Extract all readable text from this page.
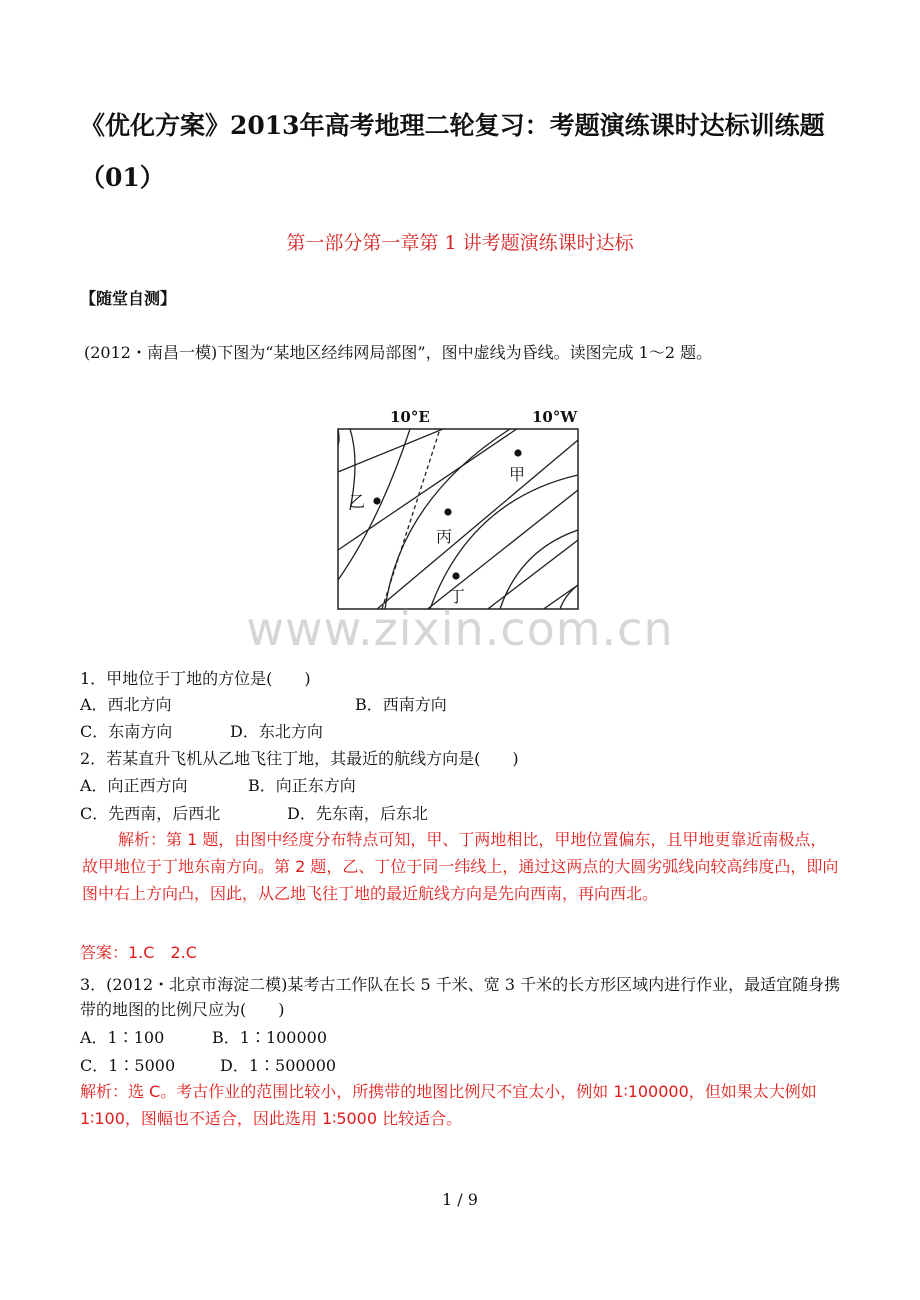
《优化方案》2013年高考地理二轮复习：考题演练课时达标训练题（01）
第一部分第一章第 1 讲考题演练课时达标
【随堂自测】
(2012・南昌一模)下图为“某地区经纬网局部图”，图中虚线为昏线。读图完成 1～2 题。
10°E	10°W
甲
乙
丙
丁
www.zixin.com.cn
1．甲地位于丁地的方位是(　　)
A．西北方向	B．西南方向
C．东南方向	D．东北方向
2．若某直升飞机从乙地飞往丁地，其最近的航线方向是(　　)
A．向正西方向	B．向正东方向
C．先西南，后西北	D．先东南，后东北
解析：第 1 题，由图中经度分布特点可知，甲、丁两地相比，甲地位置偏东，且甲地更靠近南极点，故甲地位于丁地东南方向。第 2 题，乙、丁位于同一纬线上，通过这两点的大圆劣弧线向较高纬度凸，即向图中右上方向凸，因此，从乙地飞往丁地的最近航线方向是先向西南，再向西北。
答案：1.C　2.C
3．(2012・北京市海淀二模)某考古工作队在长 5 千米、宽 3 千米的长方形区域内进行作业，最适宜随身携带的地图的比例尺应为(　　)
A．1∶100	B．1∶100000
C．1∶5000	D．1∶500000
解析：选 C。考古作业的范围比较小，所携带的地图比例尺不宜太小，例如 1∶100000，但如果太大例如 1∶100，图幅也不适合，因此选用 1∶5000 比较适合。
1 / 9
